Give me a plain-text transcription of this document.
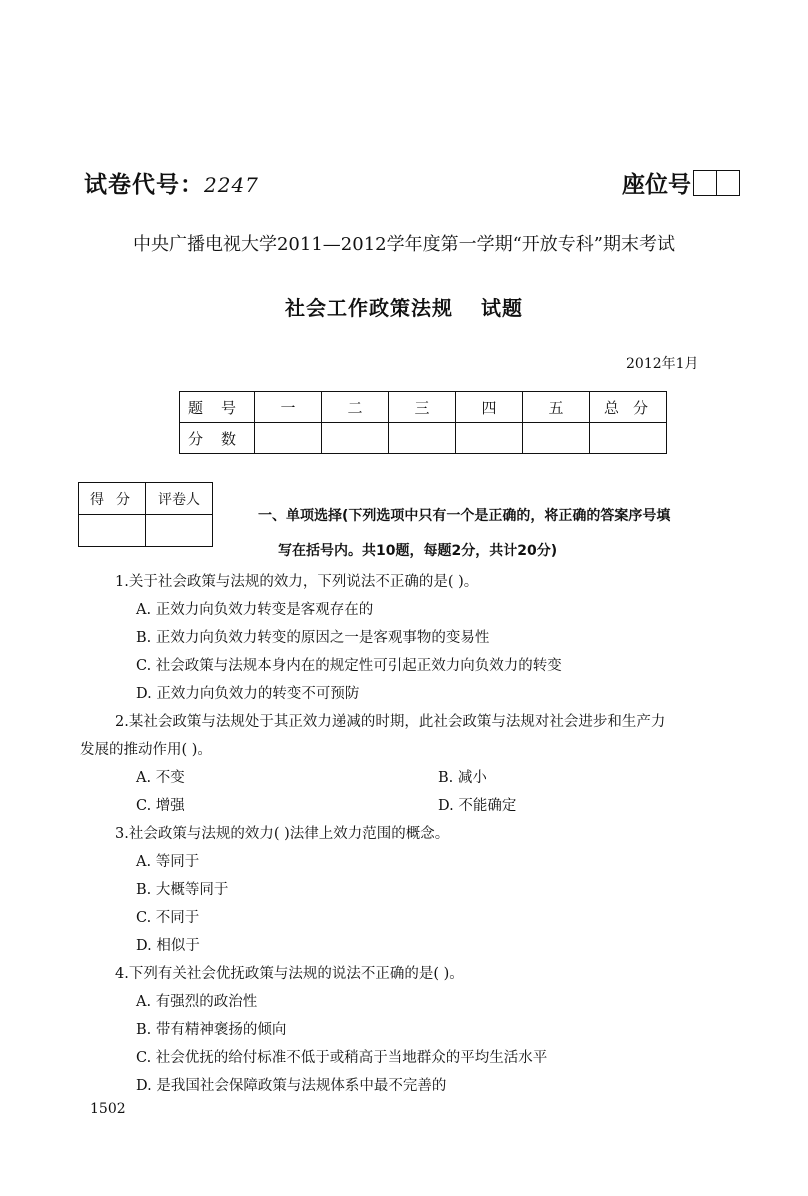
试卷代号：2247	座位号
中央广播电视大学2011—2012学年度第一学期“开放专科”期末考试
社会工作政策法规 试题
2012年1月
题号	一	二	三	四	五	总分
分数						
得分	评卷人

一、单项选择(下列选项中只有一个是正确的，将正确的答案序号填
写在括号内。共10题，每题2分，共计20分)
1.关于社会政策与法规的效力，下列说法不正确的是( )。
A. 正效力向负效力转变是客观存在的
B. 正效力向负效力转变的原因之一是客观事物的变易性
C. 社会政策与法规本身内在的规定性可引起正效力向负效力的转变
D. 正效力向负效力的转变不可预防
2.某社会政策与法规处于其正效力递减的时期，此社会政策与法规对社会进步和生产力
发展的推动作用( )。
A. 不变	B. 减小
C. 增强	D. 不能确定
3.社会政策与法规的效力( )法律上效力范围的概念。
A. 等同于
B. 大概等同于
C. 不同于
D. 相似于
4.下列有关社会优抚政策与法规的说法不正确的是( )。
A. 有强烈的政治性
B. 带有精神褒扬的倾向
C. 社会优抚的给付标准不低于或稍高于当地群众的平均生活水平
D. 是我国社会保障政策与法规体系中最不完善的
1502
